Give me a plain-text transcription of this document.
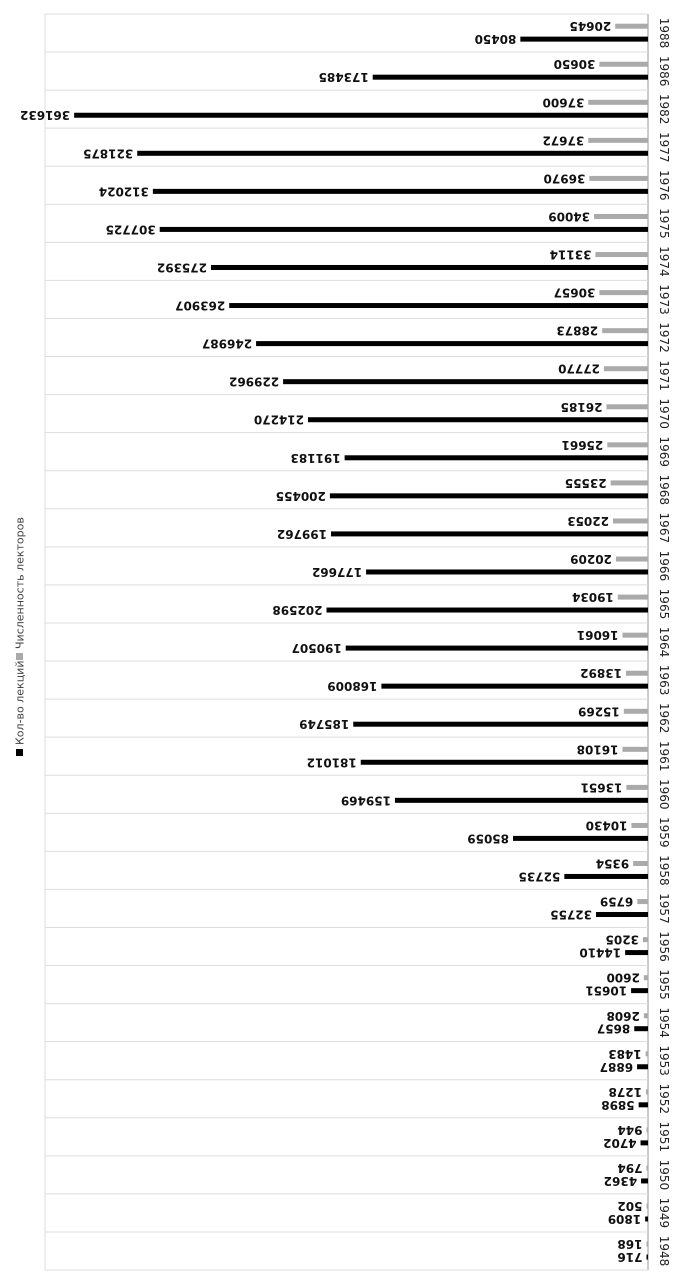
168
716
502
1809
794
4362
944
4702
1278
5898
1483
6887
2608
8657
2600
10651
3205
14410
6759
32755
9354
52735
10430
85059
13651
159469
16108
181012
15269
185749
13892
168009
16061
190507
19034
202598
20209
177662
22053
199762
23555
200455
25661
191183
26185
214270
27770
229962
28873
246987
30657
263907
33114
275392
34009
307725
36970
312024
37672
321875
37600
361632
30650
173485
20645
80450
1948
1949
1950
1951
1952
1953
1954
1955
1956
1957
1958
1959
1960
1961
1962
1963
1964
1965
1966
1967
1968
1969
1970
1971
1972
1973
1974
1975
1976
1977
1982
1986
1988
Кол-во лекций
Численность лекторов
